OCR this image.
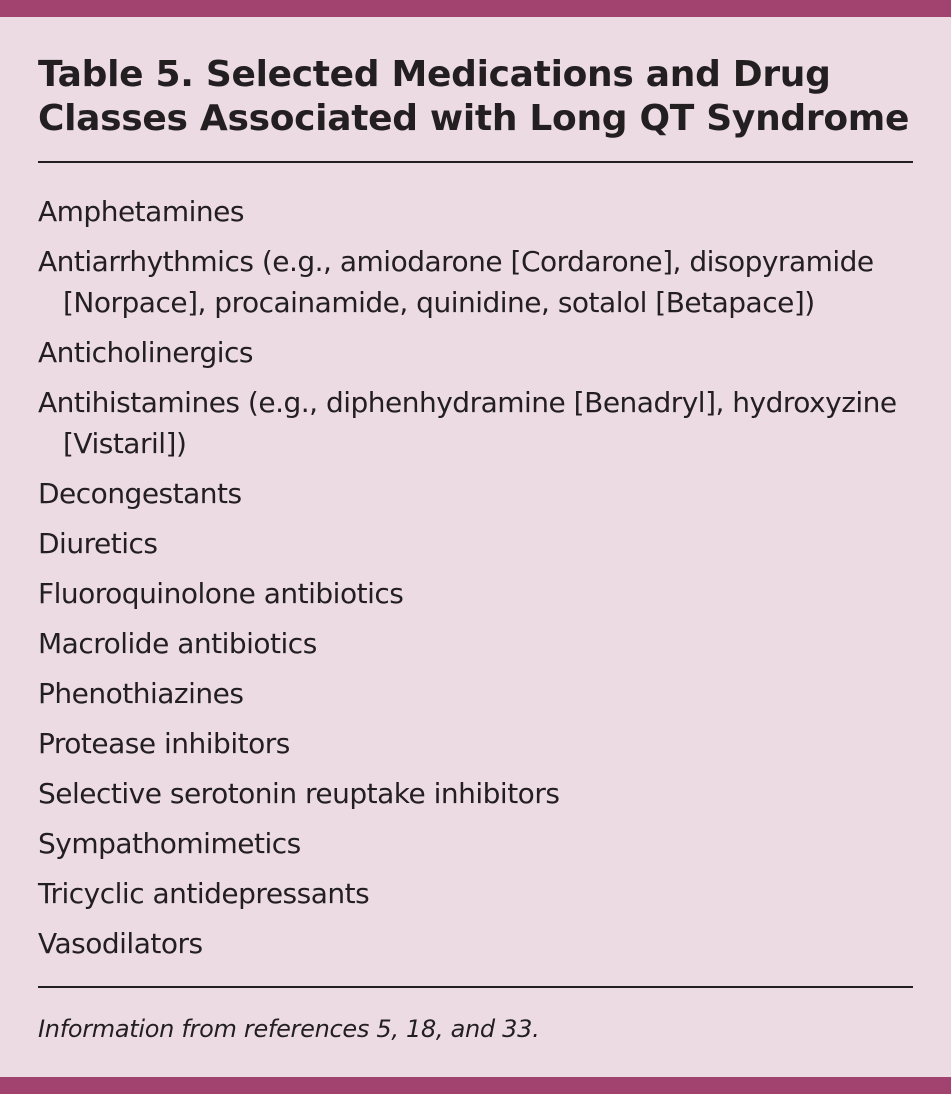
Table 5. Selected Medications and Drug
Classes Associated with Long QT Syndrome
Amphetamines
Antiarrhythmics (e.g., amiodarone [Cordarone], disopyramide [Norpace], procainamide, quinidine, sotalol [Betapace])
Anticholinergics
Antihistamines (e.g., diphenhydramine [Benadryl], hydroxyzine [Vistaril])
Decongestants
Diuretics
Fluoroquinolone antibiotics
Macrolide antibiotics
Phenothiazines
Protease inhibitors
Selective serotonin reuptake inhibitors
Sympathomimetics
Tricyclic antidepressants
Vasodilators

Information from references 5, 18, and 33.
